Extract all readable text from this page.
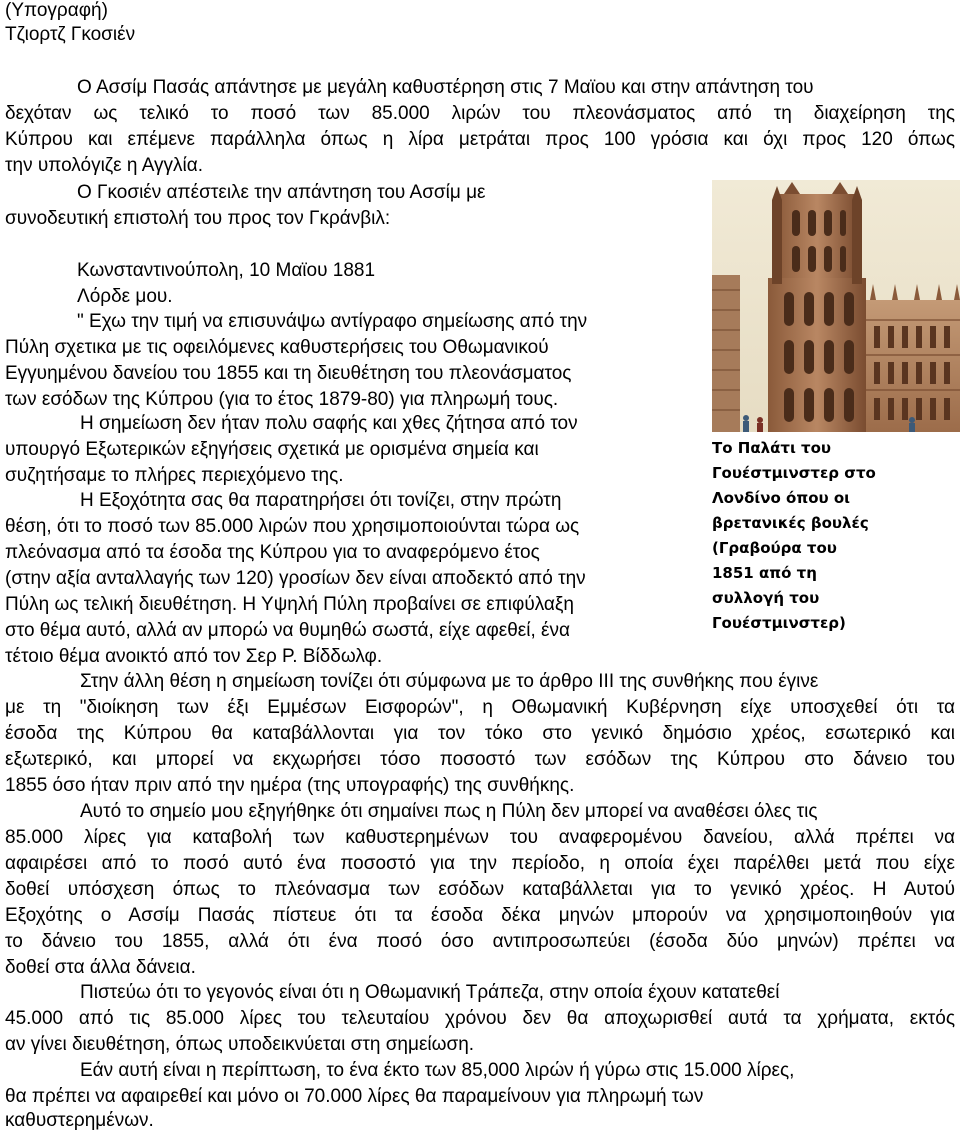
(Υπογραφή)
Τζιορτζ Γκοσιέν
Ο Ασσίμ Πασάς απάντησε με μεγάλη καθυστέρηση στις 7 Μαϊου και στην απάντηση του
δεχόταν ως τελικό το ποσό των 85.000 λιρών του πλεονάσματος από τη διαχείρηση της
Κύπρου και επέμενε παράλληλα όπως η λίρα μετράται προς 100 γρόσια και όχι προς 120 όπως
την υπολόγιζε η Αγγλία.
Ο Γκοσιέν απέστειλε την απάντηση του Ασσίμ με
συνοδευτική επιστολή του προς τον Γκράνβιλ:
Κωνσταντινούπολη, 10 Μαϊου 1881
Λόρδε μου.
" Εχω την τιμή να επισυνάψω αντίγραφο σημείωσης από την
Πύλη σχετικα με τις οφειλόμενες καθυστερήσεις του Οθωμανικού
Εγγυημένου δανείου του 1855 και τη διευθέτηση του πλεονάσματος
των εσόδων της Κύπρου (για το έτος 1879-80) για πληρωμή τους.
Η σημείωση δεν ήταν πολυ σαφής και χθες ζήτησα από τον
υπουργό Εξωτερικών εξηγήσεις σχετικά με ορισμένα σημεία και
συζητήσαμε το πλήρες περιεχόμενο της.
Η Εξοχότητα σας θα παρατηρήσει ότι τονίζει, στην πρώτη
θέση, ότι το ποσό των 85.000 λιρών που χρησιμοποιούνται τώρα ως
πλεόνασμα από τα έσοδα της Κύπρου για το αναφερόμενο έτος
(στην αξία ανταλλαγής των 120) γροσίων δεν είναι αποδεκτό από την
Πύλη ως τελική διευθέτηση. Η Υψηλή Πύλη προβαίνει σε επιφύλαξη
στο θέμα αυτό, αλλά αν μπορώ να θυμηθώ σωστά, είχε αφεθεί, ένα
τέτοιο θέμα ανοικτό από τον Σερ Ρ. Βίδδωλφ.
Στην άλλη θέση η σημείωση τονίζει ότι σύμφωνα με το άρθρο ΙΙΙ της συνθήκης που έγινε
με τη "διοίκηση των έξι Εμμέσων Εισφορών", η Οθωμανική Κυβέρνηση είχε υποσχεθεί ότι τα
έσοδα της Κύπρου θα καταβάλλονται για τον τόκο στο γενικό δημόσιο χρέος, εσωτερικό και
εξωτερικό, και μπορεί να εκχωρήσει τόσο ποσοστό των εσόδων της Κύπρου στο δάνειο του
1855 όσο ήταν πριν από την ημέρα (της υπογραφής) της συνθήκης.
Αυτό το σημείο μου εξηγήθηκε ότι σημαίνει πως η Πύλη δεν μπορεί να αναθέσει όλες τις
85.000 λίρες για καταβολή των καθυστερημένων του αναφερομένου δανείου, αλλά πρέπει να
αφαιρέσει από το ποσό αυτό ένα ποσοστό για την περίοδο, η οποία έχει παρέλθει μετά που είχε
δοθεί υπόσχεση όπως το πλεόνασμα των εσόδων καταβάλλεται για το γενικό χρέος. Η Αυτού
Εξοχότης ο Ασσίμ Πασάς πίστευε ότι τα έσοδα δέκα μηνών μπορούν να χρησιμοποιηθούν για
το δάνειο του 1855, αλλά ότι ένα ποσό όσο αντιπροσωπεύει (έσοδα δύο μηνών) πρέπει να
δοθεί στα άλλα δάνεια.
Πιστεύω ότι το γεγονός είναι ότι η Οθωμανική Τράπεζα, στην οποία έχουν κατατεθεί
45.000 από τις 85.000 λίρες του τελευταίου χρόνου δεν θα αποχωρισθεί αυτά τα χρήματα, εκτός
αν γίνει διευθέτηση, όπως υποδεικνύεται στη σημείωση.
Εάν αυτή είναι η περίπτωση, το ένα έκτο των 85,000 λιρών ή γύρω στις 15.000 λίρες,
θα πρέπει να αφαιρεθεί και μόνο οι 70.000 λίρες θα παραμείνουν για πληρωμή των
καθυστερημένων.
Το Παλάτι του
Γουέστμινστερ στο
Λονδίνο όπου οι
βρετανικές βουλές
(Γραβούρα του
1851 από τη
συλλογή του
Γουέστμινστερ)
